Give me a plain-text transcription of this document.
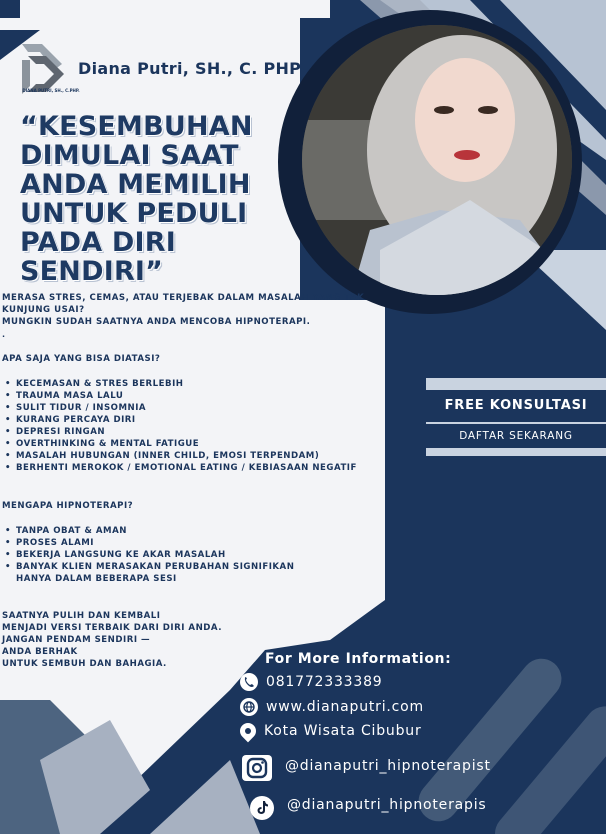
DIANA PUTRI, SH., C.PHP.
Diana Putri, SH., C. PHP
“KESEMBUHAN
DIMULAI SAAT
ANDA MEMILIH
UNTUK PEDULI
PADA DIRI
SENDIRI”

MERASA STRES, CEMAS, ATAU TERJEBAK DALAM MASALAH YANG TAK KUNJUNG USAI?

MUNGKIN SUDAH SAATNYA ANDA MENCOBA HIPNOTERAPI.

.
APA SAJA YANG BISA DIATASI?
• KECEMASAN & STRES BERLEBIH
• TRAUMA MASA LALU
• SULIT TIDUR / INSOMNIA
• KURANG PERCAYA DIRI
• DEPRESI RINGAN
• OVERTHINKING & MENTAL FATIGUE
• MASALAH HUBUNGAN (INNER CHILD, EMOSI TERPENDAM)
• BERHENTI MEROKOK / EMOTIONAL EATING / KEBIASAAN NEGATIF
MENGAPA HIPNOTERAPI?
• TANPA OBAT & AMAN
• PROSES ALAMI
• BEKERJA LANGSUNG KE AKAR MASALAH
• BANYAK KLIEN MERASAKAN PERUBAHAN SIGNIFIKAN HANYA DALAM BEBERAPA SESI

SAATNYA PULIH DAN KEMBALI

MENJADI VERSI TERBAIK DARI DIRI ANDA.

JANGAN PENDAM SENDIRI —

ANDA BERHAK

UNTUK SEMBUH DAN BAHAGIA.

FREE KONSULTASI
DAFTAR SEKARANG
For More Information:
081772333389
www.dianaputri.com
Kota Wisata Cibubur
@dianaputri_hipnoterapist
@dianaputri_hipnoterapis
